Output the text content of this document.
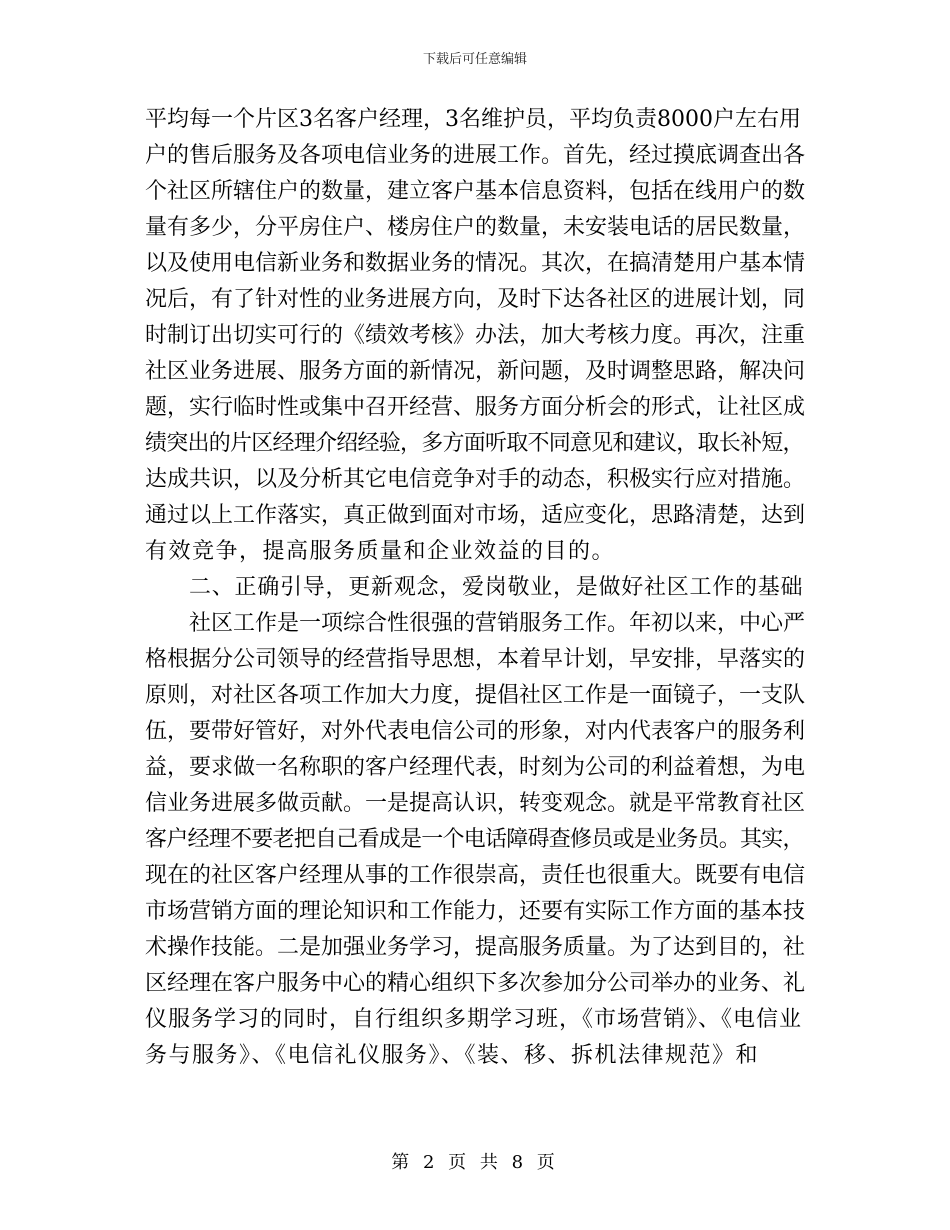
下载后可任意编辑
平均每一个片区3名客户经理，3名维护员，平均负责8000户左右用
户的售后服务及各项电信业务的进展工作。首先，经过摸底调查出各
个社区所辖住户的数量，建立客户基本信息资料，包括在线用户的数
量有多少，分平房住户、楼房住户的数量，未安装电话的居民数量，
以及使用电信新业务和数据业务的情况。其次，在搞清楚用户基本情
况后，有了针对性的业务进展方向，及时下达各社区的进展计划，同
时制订出切实可行的《绩效考核》办法，加大考核力度。再次，注重
社区业务进展、服务方面的新情况，新问题，及时调整思路，解决问
题，实行临时性或集中召开经营、服务方面分析会的形式，让社区成
绩突出的片区经理介绍经验，多方面听取不同意见和建议，取长补短，
达成共识，以及分析其它电信竞争对手的动态，积极实行应对措施。
通过以上工作落实，真正做到面对市场，适应变化，思路清楚，达到
有效竞争，提高服务质量和企业效益的目的。
二、正确引导，更新观念，爱岗敬业，是做好社区工作的基础
社区工作是一项综合性很强的营销服务工作。年初以来，中心严
格根据分公司领导的经营指导思想，本着早计划，早安排，早落实的
原则，对社区各项工作加大力度，提倡社区工作是一面镜子，一支队
伍，要带好管好，对外代表电信公司的形象，对内代表客户的服务利
益，要求做一名称职的客户经理代表，时刻为公司的利益着想，为电
信业务进展多做贡献。一是提高认识，转变观念。就是平常教育社区
客户经理不要老把自己看成是一个电话障碍查修员或是业务员。其实，
现在的社区客户经理从事的工作很崇高，责任也很重大。既要有电信
市场营销方面的理论知识和工作能力，还要有实际工作方面的基本技
术操作技能。二是加强业务学习，提高服务质量。为了达到目的，社
区经理在客户服务中心的精心组织下多次参加分公司举办的业务、礼
仪服务学习的同时，自行组织多期学习班，《市场营销》、《电信业
务与服务》、《电信礼仪服务》、《装、移、拆机法律规范》和
第 2 页 共 8 页
